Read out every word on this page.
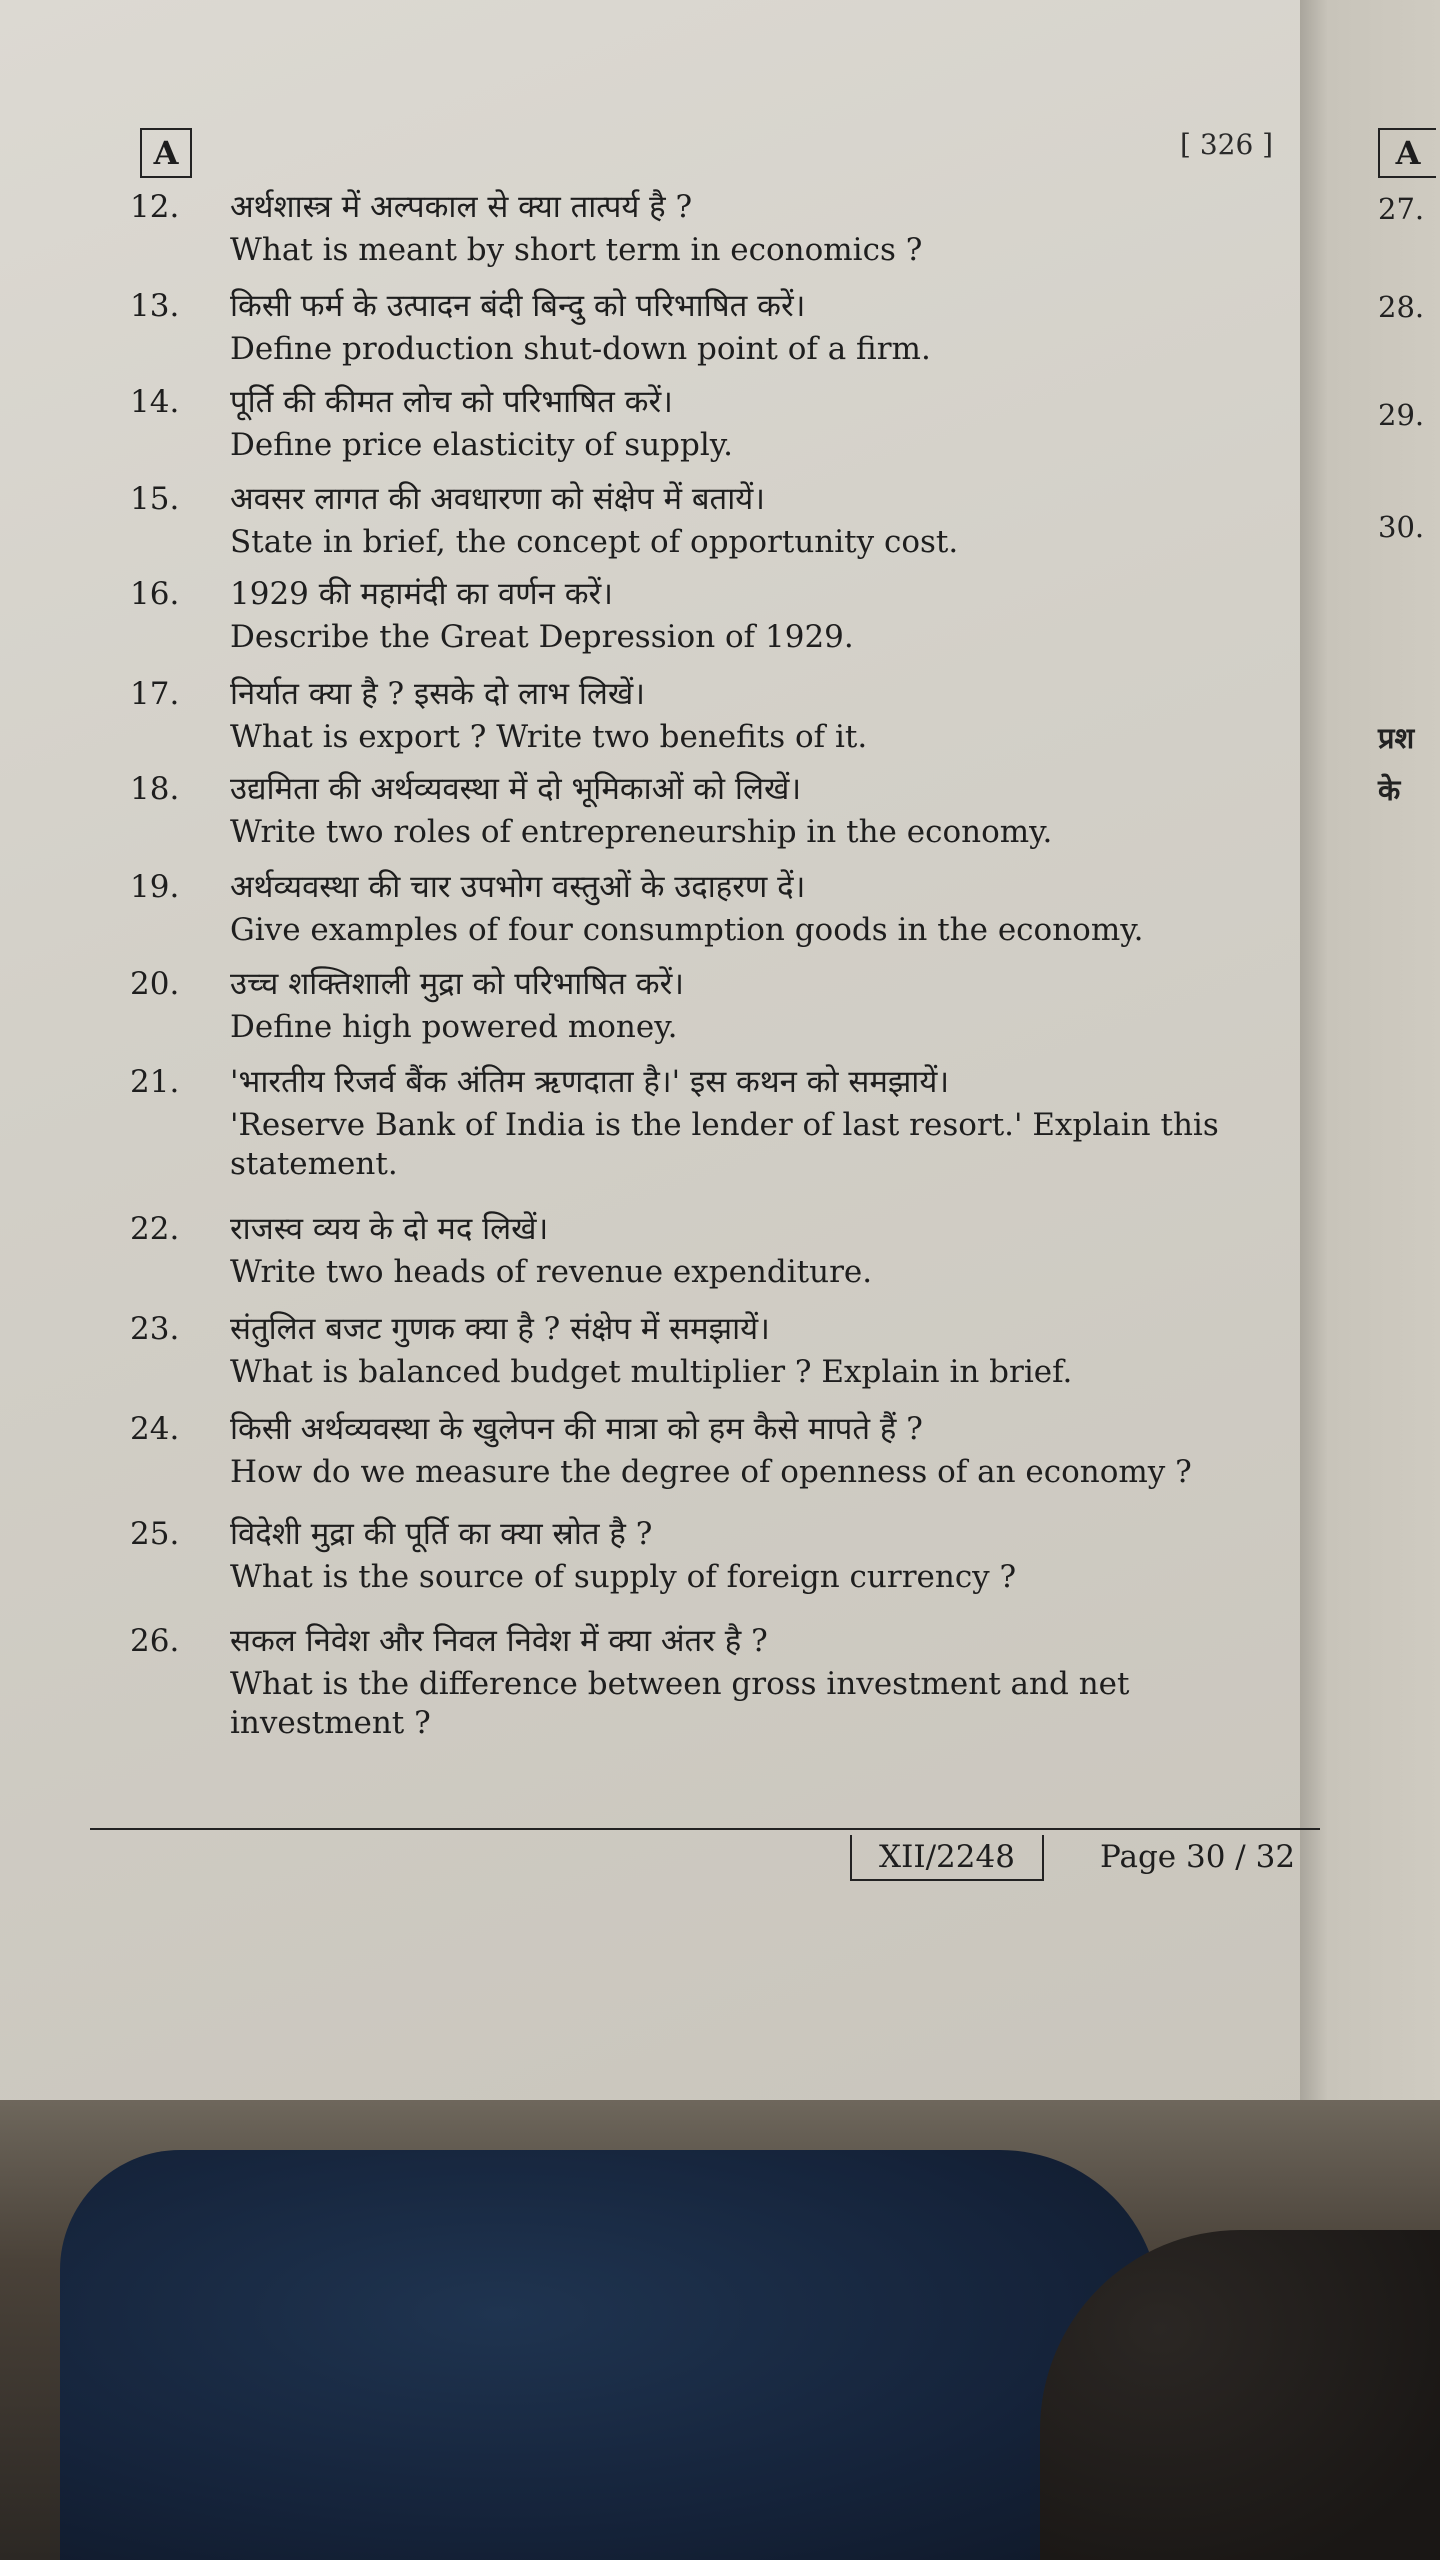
A	[ 326 ]	A
12.	अर्थशास्त्र में अल्पकाल से क्या तात्पर्य है ?
What is meant by short term in economics ?
13.	किसी फर्म के उत्पादन बंदी बिन्दु को परिभाषित करें।
Define production shut-down point of a firm.
14.	पूर्ति की कीमत लोच को परिभाषित करें।
Define price elasticity of supply.
15.	अवसर लागत की अवधारणा को संक्षेप में बतायें।
State in brief, the concept of opportunity cost.
16.	1929 की महामंदी का वर्णन करें।
Describe the Great Depression of 1929.
17.	निर्यात क्या है ? इसके दो लाभ लिखें।
What is export ? Write two benefits of it.
18.	उद्यमिता की अर्थव्यवस्था में दो भूमिकाओं को लिखें।
Write two roles of entrepreneurship in the economy.
19.	अर्थव्यवस्था की चार उपभोग वस्तुओं के उदाहरण दें।
Give examples of four consumption goods in the economy.
20.	उच्च शक्तिशाली मुद्रा को परिभाषित करें।
Define high powered money.
21.	'भारतीय रिजर्व बैंक अंतिम ऋणदाता है।' इस कथन को समझायें।
'Reserve Bank of India is the lender of last resort.' Explain this statement.
22.	राजस्व व्यय के दो मद लिखें।
Write two heads of revenue expenditure.
23.	संतुलित बजट गुणक क्या है ? संक्षेप में समझायें।
What is balanced budget multiplier ? Explain in brief.
24.	किसी अर्थव्यवस्था के खुलेपन की मात्रा को हम कैसे मापते हैं ?
How do we measure the degree of openness of an economy ?
25.	विदेशी मुद्रा की पूर्ति का क्या स्रोत है ?
What is the source of supply of foreign currency ?
26.	सकल निवेश और निवल निवेश में क्या अंतर है ?
What is the difference between gross investment and net investment ?
XII/2248	Page 30 / 32
27.
28.
29.
30.
प्रश
के
